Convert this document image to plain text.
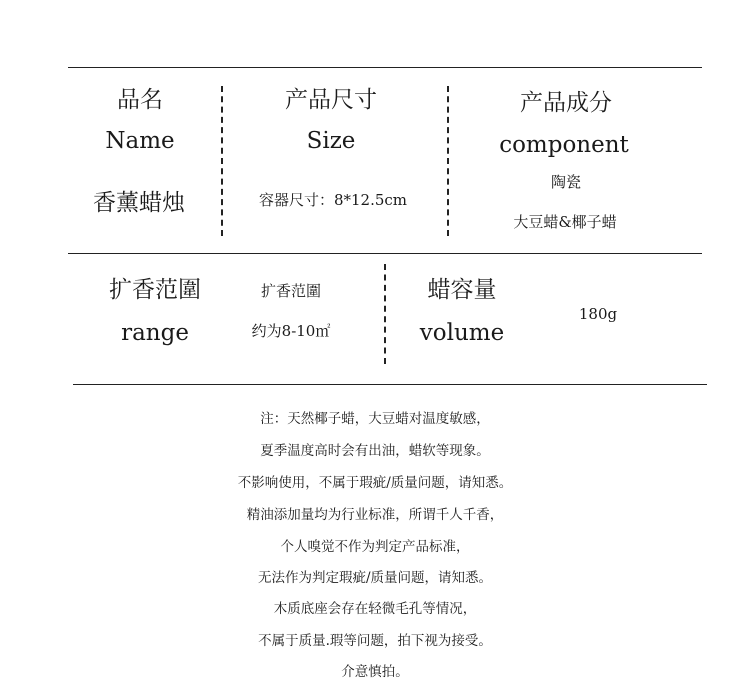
品名
Name
香薰蜡烛
产品尺寸
Size
容器尺寸：8*12.5cm
产品成分
component
陶瓷
大豆蜡&椰子蜡
扩香范圍
range
扩香范圍
约为8-10㎡
蜡容量
volume
180g
注：天然椰子蜡，大豆蜡对温度敏感，
夏季温度高时会有出油，蜡软等现象。
不影响使用，不属于瑕疵/质量问题，请知悉。
精油添加量均为行业标准，所谓千人千香，
个人嗅觉不作为判定产品标准，
无法作为判定瑕疵/质量问题，请知悉。
木质底座会存在轻微毛孔等情况，
不属于质量.瑕等问题，拍下视为接受。
介意慎拍。
